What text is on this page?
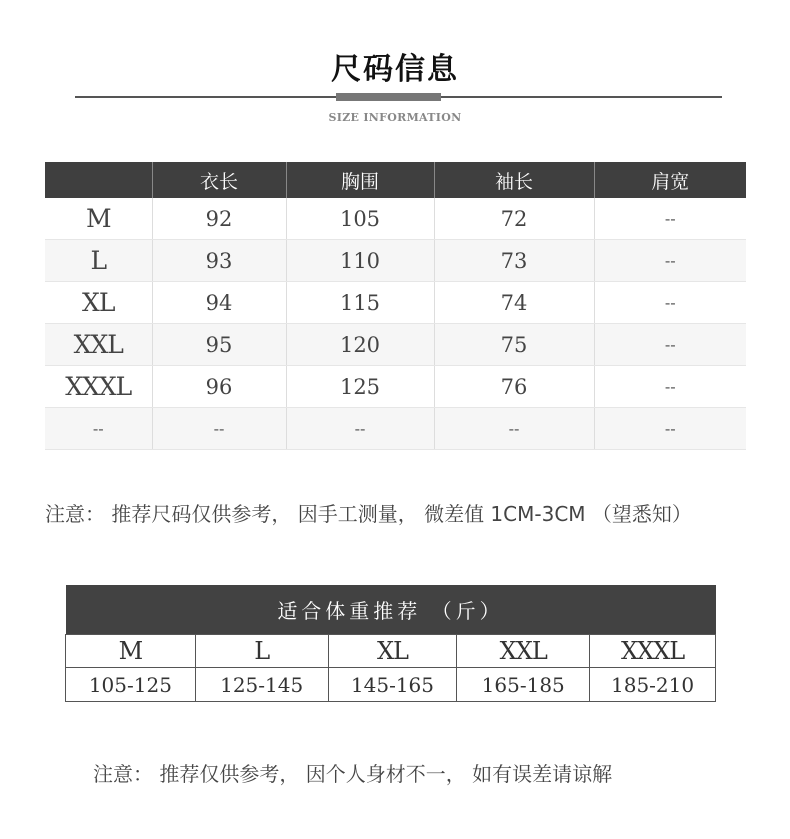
尺码信息
SIZE INFORMATION
	衣长	胸围	袖长	肩宽
M	92	105	72	--
L	93	110	73	--
XL	94	115	74	--
XXL	95	120	75	--
XXXL	96	125	76	--
--	--	--	--	--
注意： 推荐尺码仅供参考， 因手工测量， 微差值 1CM-3CM （望悉知）
适合体重推荐 （斤）				
M	L	XL	XXL	XXXL
105-125	125-145	145-165	165-185	185-210
注意： 推荐仅供参考， 因个人身材不一， 如有误差请谅解
